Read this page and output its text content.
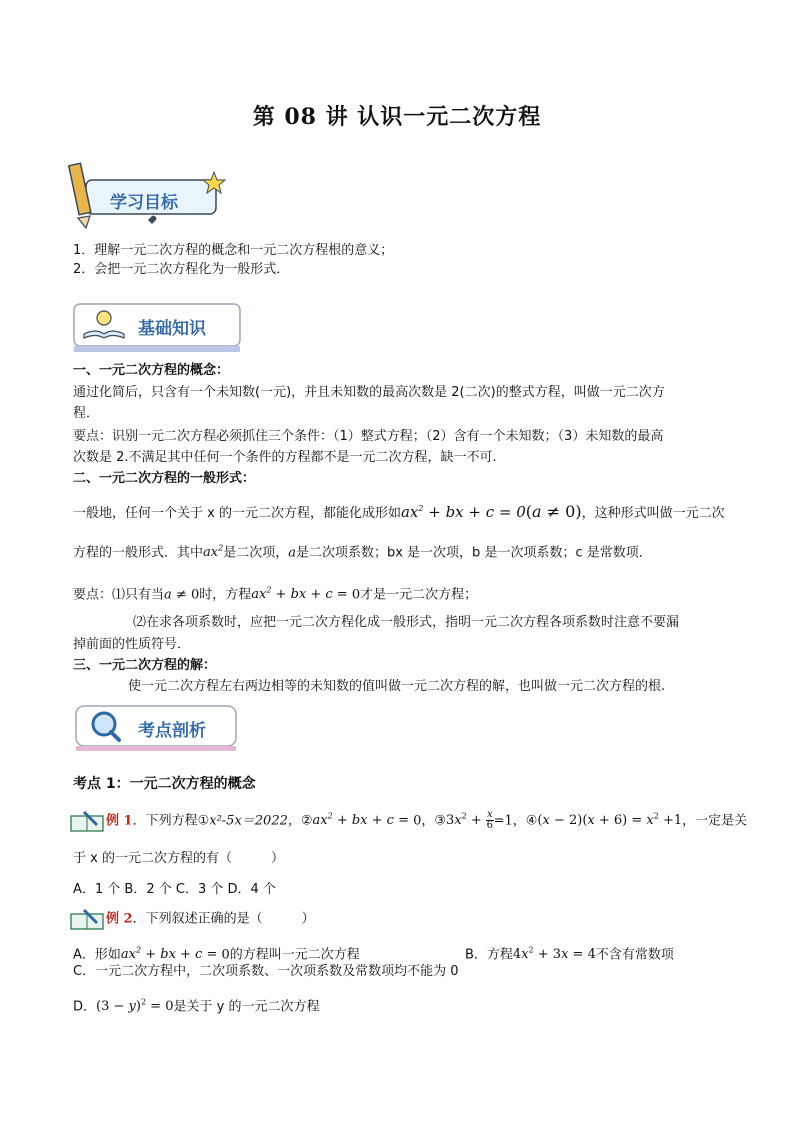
第 08 讲 认识一元二次方程
学习目标
1．理解一元二次方程的概念和一元二次方程根的意义；
2．会把一元二次方程化为一般形式．
基础知识
一、一元二次方程的概念：
通过化简后，只含有一个未知数(一元)，并且未知数的最高次数是 2(二次)的整式方程，叫做一元二次方
程．
要点：识别一元二次方程必须抓住三个条件：（1）整式方程；（2）含有一个未知数；（3）未知数的最高
次数是 2.不满足其中任何一个条件的方程都不是一元二次方程，缺一不可.
二、一元二次方程的一般形式：
一般地，任何一个关于 x 的一元二次方程，都能化成形如$ax^2$ + bx + c = 0(a ≠ 0)，这种形式叫做一元二次
方程的一般形式．其中$ax^2$是二次项，a是二次项系数；bx 是一次项，b 是一次项系数；c 是常数项．
要点：⑴只有当a ≠ 0时，方程$ax^2$ + bx + c = 0才是一元二次方程；
⑵在求各项系数时，应把一元二次方程化成一般形式，指明一元二次方程各项系数时注意不要漏
掉前面的性质符号．
三、一元二次方程的解：
使一元二次方程左右两边相等的未知数的值叫做一元二次方程的解，也叫做一元二次方程的根.
考点剖析
考点 1：一元二次方程的概念
例 1．下列方程①x²-5x＝2022，$②ax^2$ + bx + c = 0，$③3x^2 + \frac{x}{6} =1$，④(x − $2)(x + 6) = x^2 +1$，一定是关
于 x 的一元二次方程的有（　　　）
A．1 个 B．2 个 C．3 个 D．4 个
例 2．下列叙述正确的是（　　　）
A．形如$ax^2$ + bx + c = 0的方程叫一元二次方程	B．方程$4x^2 + 3x = 4$不含有常数项
C．一元二次方程中，二次项系数、一次项系数及常数项均不能为 0
D．$(3 - y)^2 = 0$是关于 y 的一元二次方程
